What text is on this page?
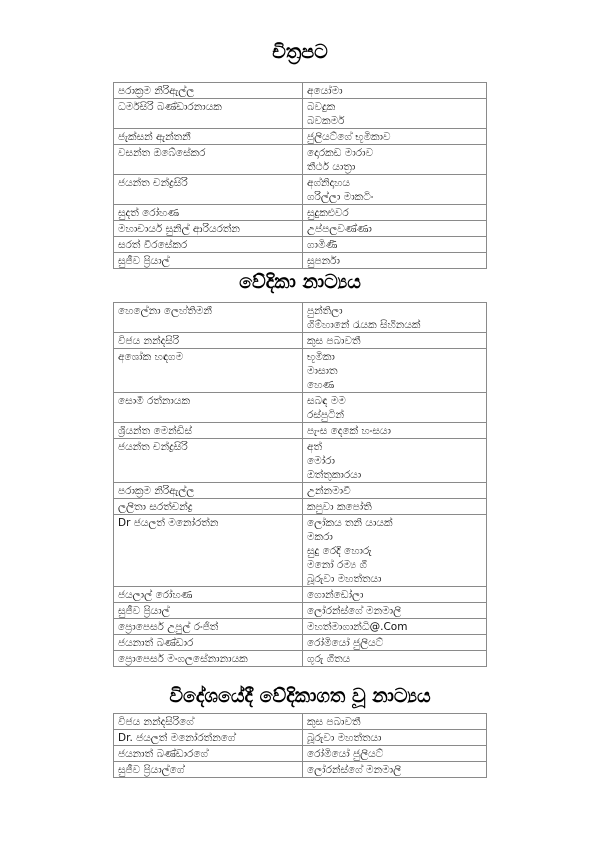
චිත්‍රපට
පරාක්‍රම නිරිඇල්ල	අයෝමා

ධර්මසිරි බණ්ඩාරනායක	බවදුක
බවකර්ම

ජැක්සන් ඇන්තනී	ජුලියට්ගේ භූමිකාව

වසන්ත ඔබේසේකර	දොරකඩ මාරාව
තීර්ථ යාත්‍රා

ජයන්ත චන්ද්‍රසිරි	අග්නිදාහය
ගරිල්ලා මාකටිං

සුදත් රෝහණ	සුදුකළුවර

මහාචාර්ය සුනිල් ආරියරත්න	උප්පලවණ්ණා

සරත් වීරසේකර	ගාමිණී

සුජීව ප්‍රියාල්	සුපර්නා
වේදිකා නාට්‍යය
හෙලේනා ලෙහ්තිමනී	පුන්තිලා
ගිම්හානේ රැයක සිහිනයක්

විජය නන්දසිරි	කුස පබාවතී

අශෝක හඳගම	භූමිකා
මාසාත
හෙණ

සොමී රත්නායක	සබඳ මම
රස්පුටින්

ශ්‍රියන්ත මෙන්ඩිස්	පැංස දෙකේ හංසයා

ජයන්ත චන්ද්‍රසිරි	අත්
මෝරා
ඔත්තුකාරයා

පරාක්‍රම නිරිඇල්ල	උන්නමාවී

ලලිතා සරත්චන්ද්‍ර	කපුවා කපෝති

Dr ජයලත් මනෝරත්න	ලෝකය තනි යායක්
මකරා
සුදු රෙදි හොරු
මනෝ රම්‍ය ගී
බූරුවා මහත්තයා

ජයලාල් රෝහණ	ගොන්ඩෝලා

සුජීව ප්‍රියාල්	ලෝරන්ස්ගේ මනමාලි

ප්‍රොපෙසර් උපුල් රංජිත්	මහත්මාගාන්ධි@.Com

ජයනාත් බණ්ඩාර	රෝමියෝ ජුලියට්

ප්‍රොපෙසර් මංගලසේනානායක	ගුරු ගීතය
විදේශයේදී වේදිකාගත වූ නාට්‍යය
විජය නන්දසිරිගේ	කුස පබාවතී

Dr. ජයලත් මනෝරත්නගේ	බූරුවා මහත්තයා

ජයනාත් බණ්ඩාරගේ	රෝමියෝ ජුලියට්

සුජීව ප්‍රියාල්ගේ	ලෝරන්ස්ගේ මනමාලි
